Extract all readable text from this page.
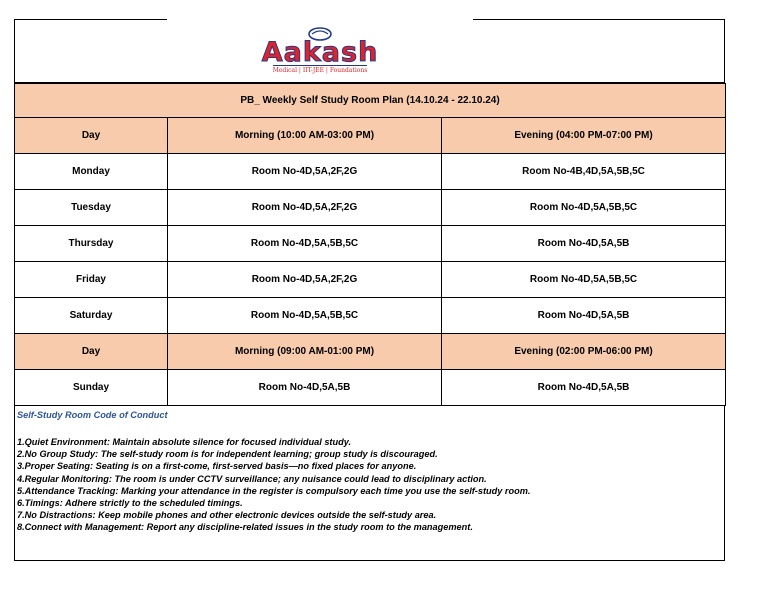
Aakash
Medical | IIT-JEE | Foundations
PB_ Weekly Self Study Room Plan (14.10.24 - 22.10.24)		
Day	Morning (10:00 AM-03:00 PM)	Evening (04:00 PM-07:00 PM)
Monday	Room No-4D,5A,2F,2G	Room No-4B,4D,5A,5B,5C
Tuesday	Room No-4D,5A,2F,2G	Room No-4D,5A,5B,5C
Thursday	Room No-4D,5A,5B,5C	Room No-4D,5A,5B
Friday	Room No-4D,5A,2F,2G	Room No-4D,5A,5B,5C
Saturday	Room No-4D,5A,5B,5C	Room No-4D,5A,5B
Day	Morning (09:00 AM-01:00 PM)	Evening (02:00 PM-06:00 PM)
Sunday	Room No-4D,5A,5B	Room No-4D,5A,5B
Self-Study Room Code of Conduct
1.Quiet Environment: Maintain absolute silence for focused individual study.
2.No Group Study: The self-study room is for independent learning; group study is discouraged.
3.Proper Seating: Seating is on a first-come, first-served basis—no fixed places for anyone.
4.Regular Monitoring: The room is under CCTV surveillance; any nuisance could lead to disciplinary action.
5.Attendance Tracking: Marking your attendance in the register is compulsory each time you use the self-study room.
6.Timings: Adhere strictly to the scheduled timings.
7.No Distractions: Keep mobile phones and other electronic devices outside the self-study area.
8.Connect with Management: Report any discipline-related issues in the study room to the management.
